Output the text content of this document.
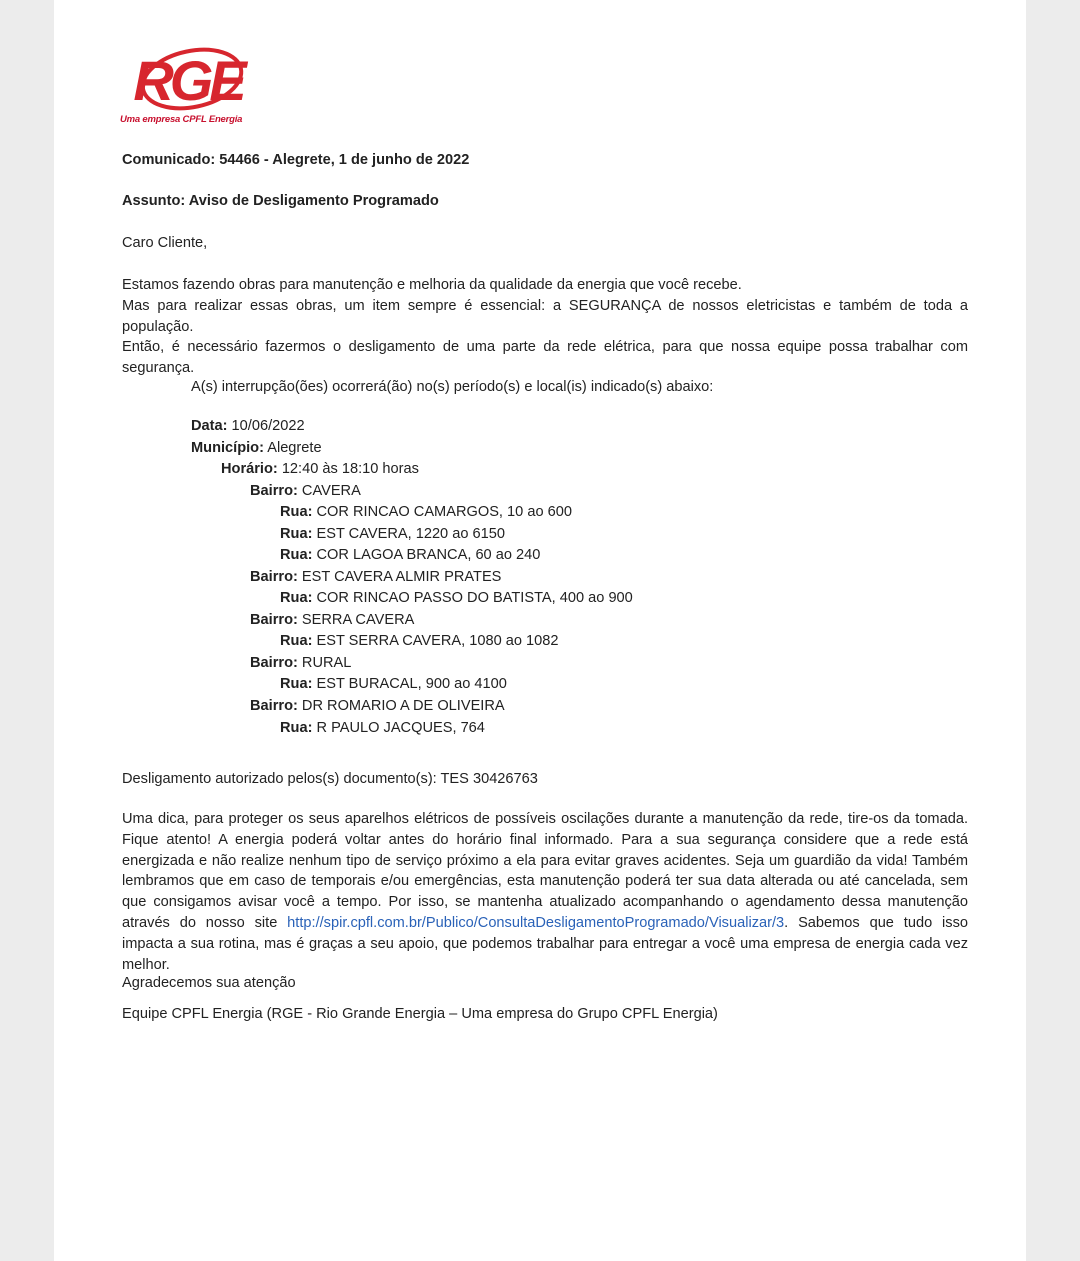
RGE
Uma empresa CPFL Energia
Comunicado: 54466 - Alegrete, 1 de junho de 2022
Assunto: Aviso de Desligamento Programado
Caro Cliente,

Estamos fazendo obras para manutenção e melhoria da qualidade da energia que você recebe.

Mas para realizar essas obras, um item sempre é essencial: a SEGURANÇA de nossos eletricistas e também de toda a população.

Então, é necessário fazermos o desligamento de uma parte da rede elétrica, para que nossa equipe possa trabalhar com segurança.

A(s) interrupção(ões) ocorrerá(ão) no(s) período(s) e local(is) indicado(s) abaixo:
Data: 10/06/2022
Município: Alegrete
Horário: 12:40 às 18:10 horas
Bairro: CAVERA
Rua: COR RINCAO CAMARGOS, 10 ao 600
Rua: EST CAVERA, 1220 ao 6150
Rua: COR LAGOA BRANCA, 60 ao 240
Bairro: EST CAVERA ALMIR PRATES
Rua: COR RINCAO PASSO DO BATISTA, 400 ao 900
Bairro: SERRA CAVERA
Rua: EST SERRA CAVERA, 1080 ao 1082
Bairro: RURAL
Rua: EST BURACAL, 900 ao 4100
Bairro: DR ROMARIO A DE OLIVEIRA
Rua: R PAULO JACQUES, 764
Desligamento autorizado pelos(s) documento(s): TES 30426763
Uma dica, para proteger os seus aparelhos elétricos de possíveis oscilações durante a manutenção da rede, tire-os da tomada. Fique atento! A energia poderá voltar antes do horário final informado. Para a sua segurança considere que a rede está energizada e não realize nenhum tipo de serviço próximo a ela para evitar graves acidentes. Seja um guardião da vida! Também lembramos que em caso de temporais e/ou emergências, esta manutenção poderá ter sua data alterada ou até cancelada, sem que consigamos avisar você a tempo. Por isso, se mantenha atualizado acompanhando o agendamento dessa manutenção através do nosso site http://spir.cpfl.com.br/Publico/ConsultaDesligamentoProgramado/Visualizar/3. Sabemos que tudo isso impacta a sua rotina, mas é graças a seu apoio, que podemos trabalhar para entregar a você uma empresa de energia cada vez melhor.
Agradecemos sua atenção
Equipe CPFL Energia (RGE - Rio Grande Energia – Uma empresa do Grupo CPFL Energia)
